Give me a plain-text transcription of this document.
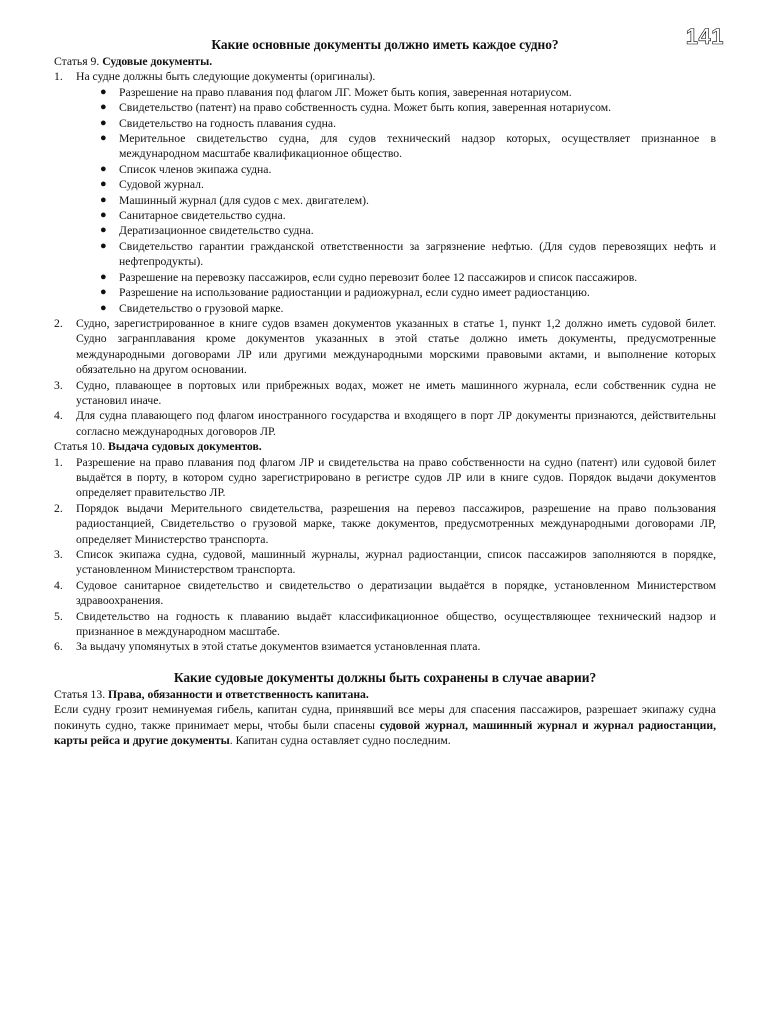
141
Какие основные документы должно иметь каждое судно?

Статья 9. Судовые документы.

1. На судне должны быть следующие документы (оригиналы).
● Разрешение на право плавания под флагом ЛГ. Может быть копия, заверенная нотариусом.
● Свидетельство (патент) на право собственность судна. Может быть копия, заверенная нотариусом.
● Свидетельство на годность плавания судна.
● Мерительное свидетельство судна, для судов технический надзор которых, осуществляет признанное в международном масштабе квалификационное общество.
● Список членов экипажа судна.
● Судовой журнал.
● Машинный журнал (для судов с мех. двигателем).
● Санитарное свидетельство судна.
● Дератизационное свидетельство судна.
● Свидетельство гарантии гражданской ответственности за загрязнение нефтью. (Для судов перевозящих нефть и нефтепродукты).
● Разрешение на перевозку пассажиров, если судно перевозит более 12 пассажиров и список пассажиров.
● Разрешение на использование радиостанции и радиожурнал, если судно имеет радиостанцию.
● Свидетельство о грузовой марке.
2. Судно, зарегистрированное в книге судов взамен документов указанных в статье 1, пункт 1,2 должно иметь судовой билет. Судно загранплавания кроме документов указанных в этой статье должно иметь документы, предусмотренные международными договорами ЛР или другими международными морскими правовыми актами, и выполнение которых обязательно на другом основании.
3. Судно, плавающее в портовых или прибрежных водах, может не иметь машинного журнала, если собственник судна не установил иначе.
4. Для судна плавающего под флагом иностранного государства и входящего в порт ЛР документы признаются, действительны согласно международных договоров ЛР.

Статья 10. Выдача судовых документов.

1. Разрешение на право плавания под флагом ЛР и свидетельства на право собственности на судно (патент) или судовой билет выдаётся в порту, в котором судно зарегистрировано в регистре судов ЛР или в книге судов. Порядок выдачи документов определяет правительство ЛР.
2. Порядок выдачи Мерительного свидетельства, разрешения на перевоз пассажиров, разрешение на право пользования радиостанцией, Свидетельство о грузовой марке, также документов, предусмотренных международными договорами ЛР, определяет Министерство транспорта.
3. Список экипажа судна, судовой, машинный журналы, журнал радиостанции, список пассажиров заполняются в порядке, установленном Министерством транспорта.
4. Судовое санитарное свидетельство и свидетельство о дератизации выдаётся в порядке, установленном Министерством здравоохранения.
5. Свидетельство на годность к плаванию выдаёт классификационное общество, осуществляющее технический надзор и признанное в международном масштабе.
6. За выдачу упомянутых в этой статье документов взимается установленная плата.
Какие судовые документы должны быть сохранены в случае аварии?

Статья 13. Права, обязанности и ответственность капитана.

Если судну грозит неминуемая гибель, капитан судна, принявший все меры для спасения пассажиров, разрешает экипажу судна покинуть судно, также принимает меры, чтобы были спасены судовой журнал, машинный журнал и журнал радиостанции, карты рейса и другие документы. Капитан судна оставляет судно последним.
